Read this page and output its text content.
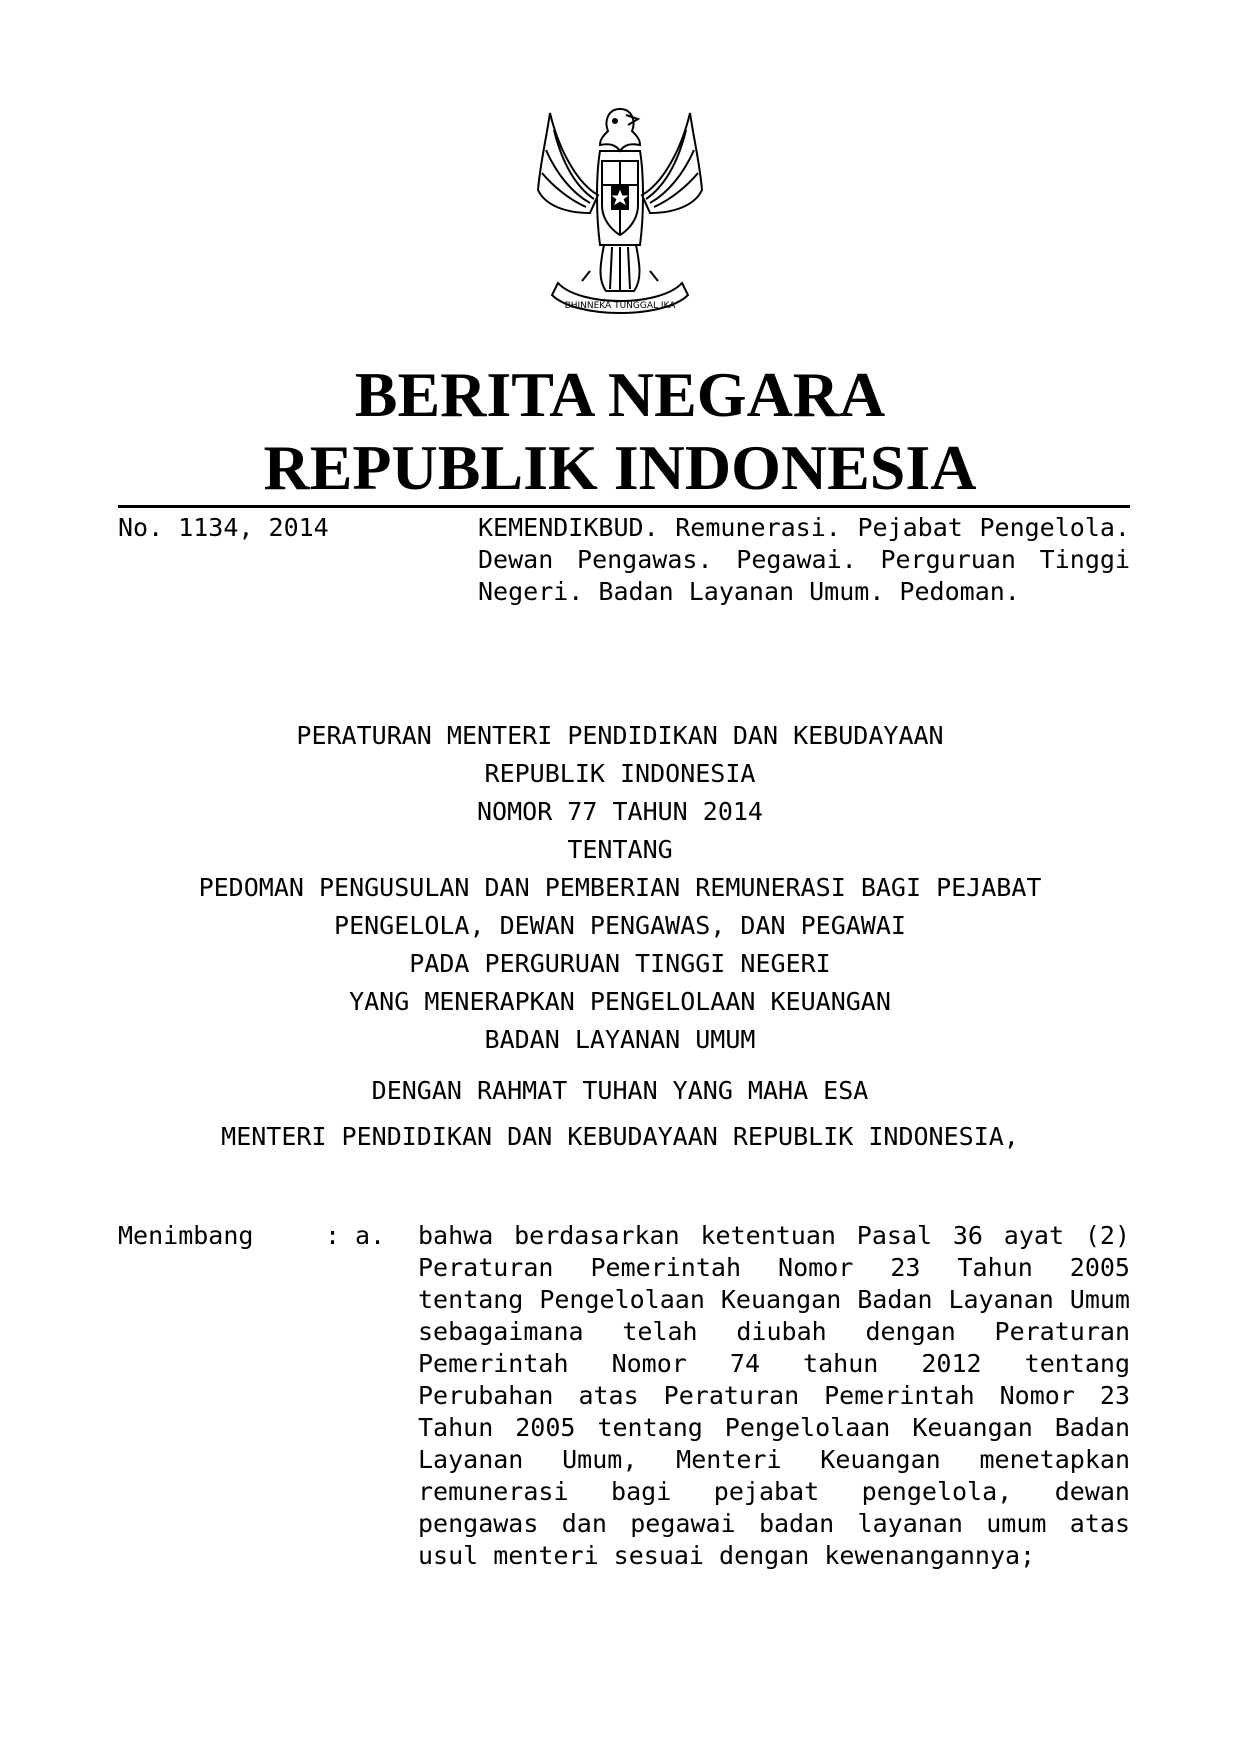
BHINNEKA TUNGGAL IKA
BERITA NEGARA
REPUBLIK INDONESIA
No. 1134, 2014	KEMENDIKBUD. Remunerasi. Pejabat Pengelola. Dewan Pengawas. Pegawai. Perguruan Tinggi Negeri. Badan Layanan Umum. Pedoman.
PERATURAN MENTERI PENDIDIKAN DAN KEBUDAYAAN
REPUBLIK INDONESIA
NOMOR 77 TAHUN 2014
TENTANG
PEDOMAN PENGUSULAN DAN PEMBERIAN REMUNERASI BAGI PEJABAT
PENGELOLA, DEWAN PENGAWAS, DAN PEGAWAI
PADA PERGURUAN TINGGI NEGERI
YANG MENERAPKAN PENGELOLAAN KEUANGAN
BADAN LAYANAN UMUM
DENGAN RAHMAT TUHAN YANG MAHA ESA
MENTERI PENDIDIKAN DAN KEBUDAYAAN REPUBLIK INDONESIA,
Menimbang	: a. bahwa berdasarkan ketentuan Pasal 36 ayat (2) Peraturan Pemerintah Nomor 23 Tahun 2005 tentang Pengelolaan Keuangan Badan Layanan Umum sebagaimana telah diubah dengan Peraturan Pemerintah Nomor 74 tahun 2012 tentang Perubahan atas Peraturan Pemerintah Nomor 23 Tahun 2005 tentang Pengelolaan Keuangan Badan Layanan Umum, Menteri Keuangan menetapkan remunerasi bagi pejabat pengelola, dewan pengawas dan pegawai badan layanan umum atas usul menteri sesuai dengan kewenangannya;
